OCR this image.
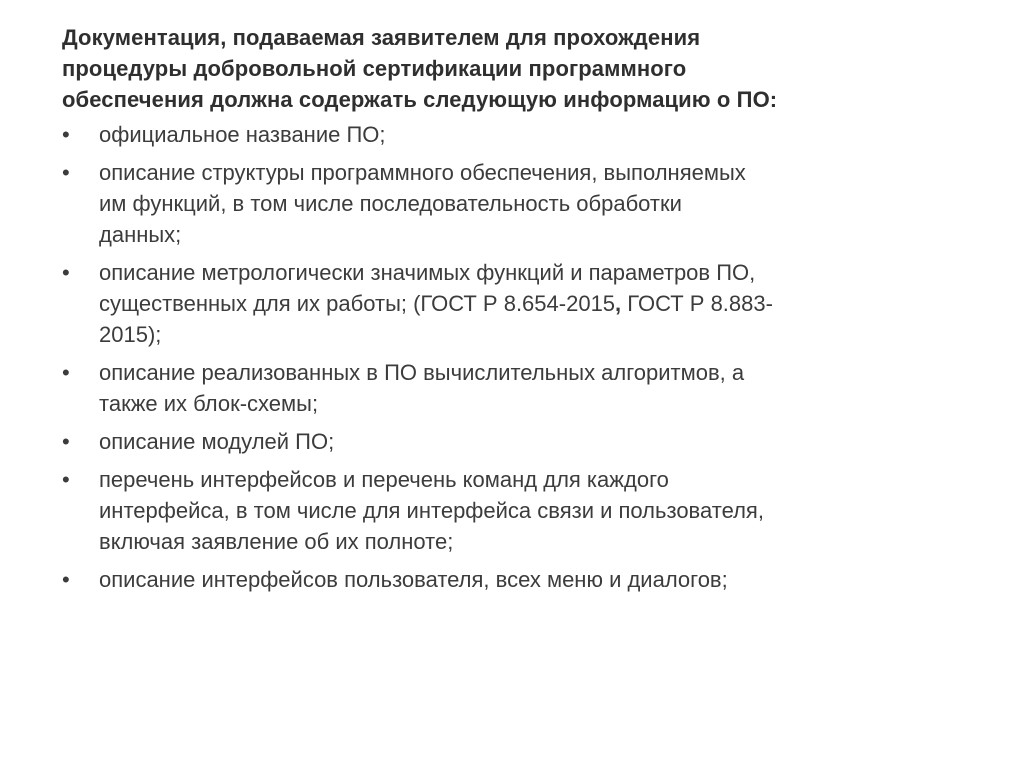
Документация, подаваемая заявителем для прохождения
процедуры добровольной сертификации программного
обеспечения должна содержать следующую информацию о ПО:
•	официальное название ПО;
•	описание структуры программного обеспечения, выполняемых
им функций, в том числе последовательность обработки
данных;
•	описание метрологически значимых функций и параметров ПО,
существенных для их работы; (ГОСТ Р 8.654-2015, ГОСТ Р 8.883-
2015);
•	описание реализованных в ПО вычислительных алгоритмов, а
также их блок-схемы;
•	описание модулей ПО;
•	перечень интерфейсов и перечень команд для каждого
интерфейса, в том числе для интерфейса связи и пользователя,
включая заявление об их полноте;
•	описание интерфейсов пользователя, всех меню и диалогов;
